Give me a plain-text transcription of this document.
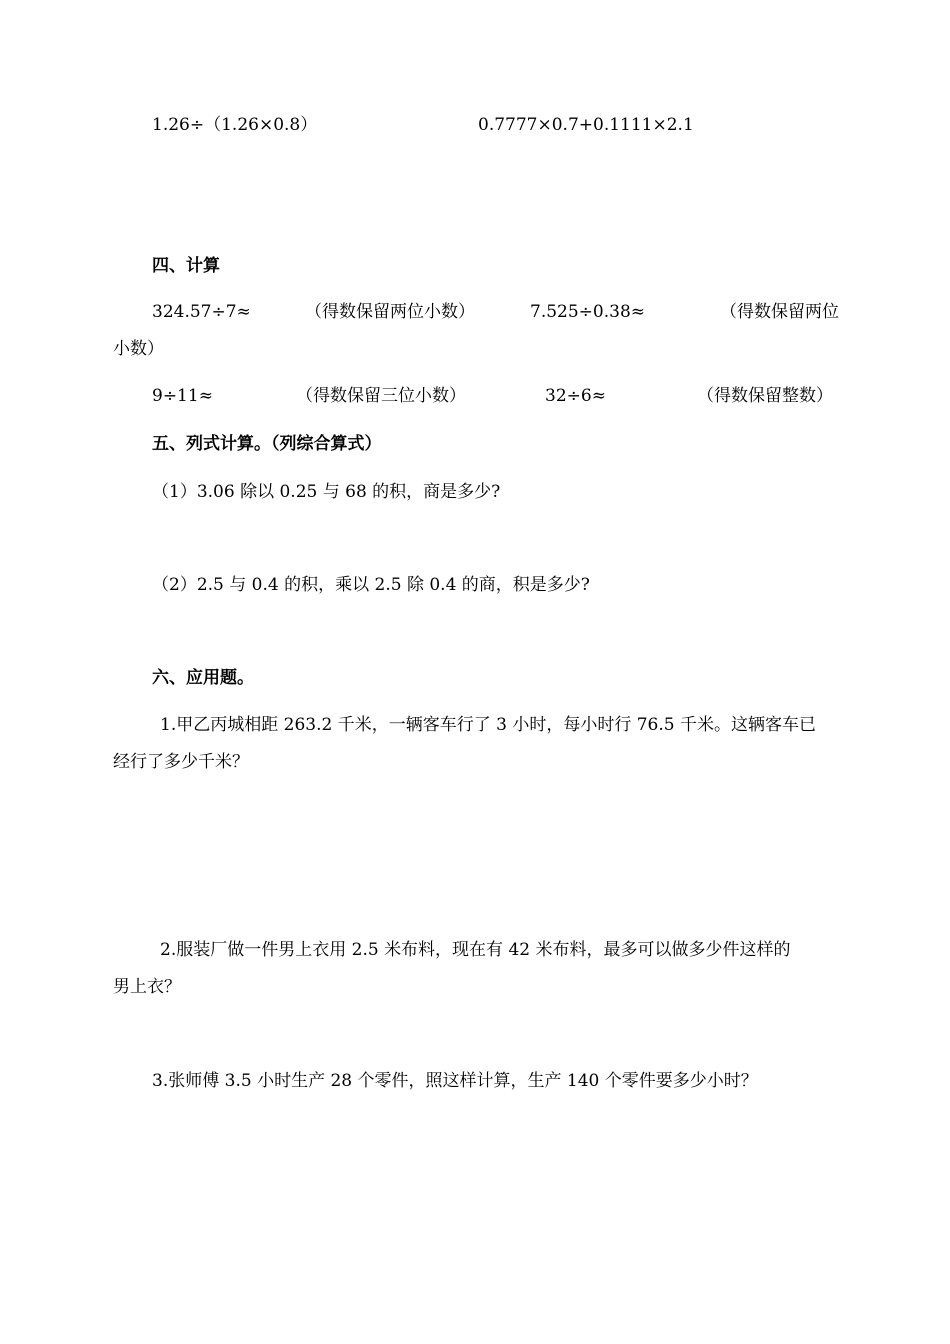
1.26÷（1.26×0.8）	0.7777×0.7+0.1111×2.1
四、计算
324.57÷7≈	（得数保留两位小数）	7.525÷0.38≈	（得数保留两位
小数）
9÷11≈	（得数保留三位小数）	32÷6≈	（得数保留整数）
五、列式计算。（列综合算式）
（1）3.06 除以 0.25 与 68 的积，商是多少?
（2）2.5 与 0.4 的积，乘以 2.5 除 0.4 的商，积是多少?
六、应用题。
1.甲乙丙城相距 263.2 千米，一辆客车行了 3 小时，每小时行 76.5 千米。这辆客车已
经行了多少千米？
2.服装厂做一件男上衣用 2.5 米布料，现在有 42 米布料，最多可以做多少件这样的
男上衣？
3.张师傅 3.5 小时生产 28 个零件，照这样计算，生产 140 个零件要多少小时？
